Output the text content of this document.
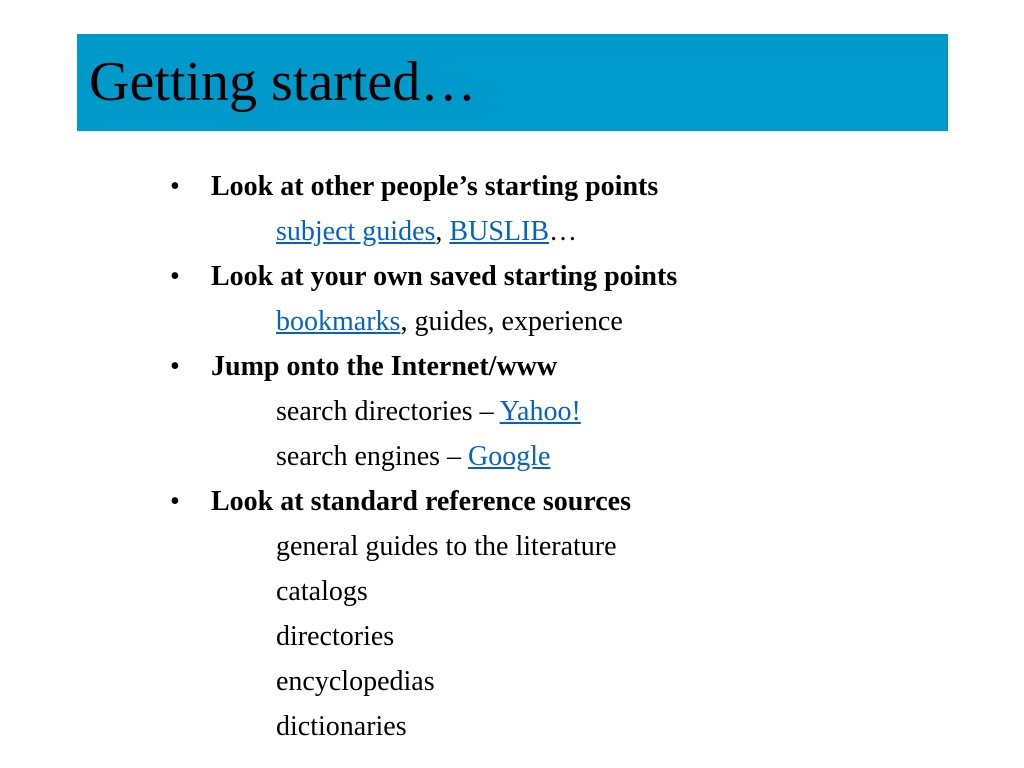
Getting started…
• Look at other people’s starting points
subject guides, BUSLIB…
• Look at your own saved starting points
bookmarks, guides, experience
• Jump onto the Internet/www
search directories – Yahoo!
search engines – Google
• Look at standard reference sources
general guides to the literature
catalogs
directories
encyclopedias
dictionaries
